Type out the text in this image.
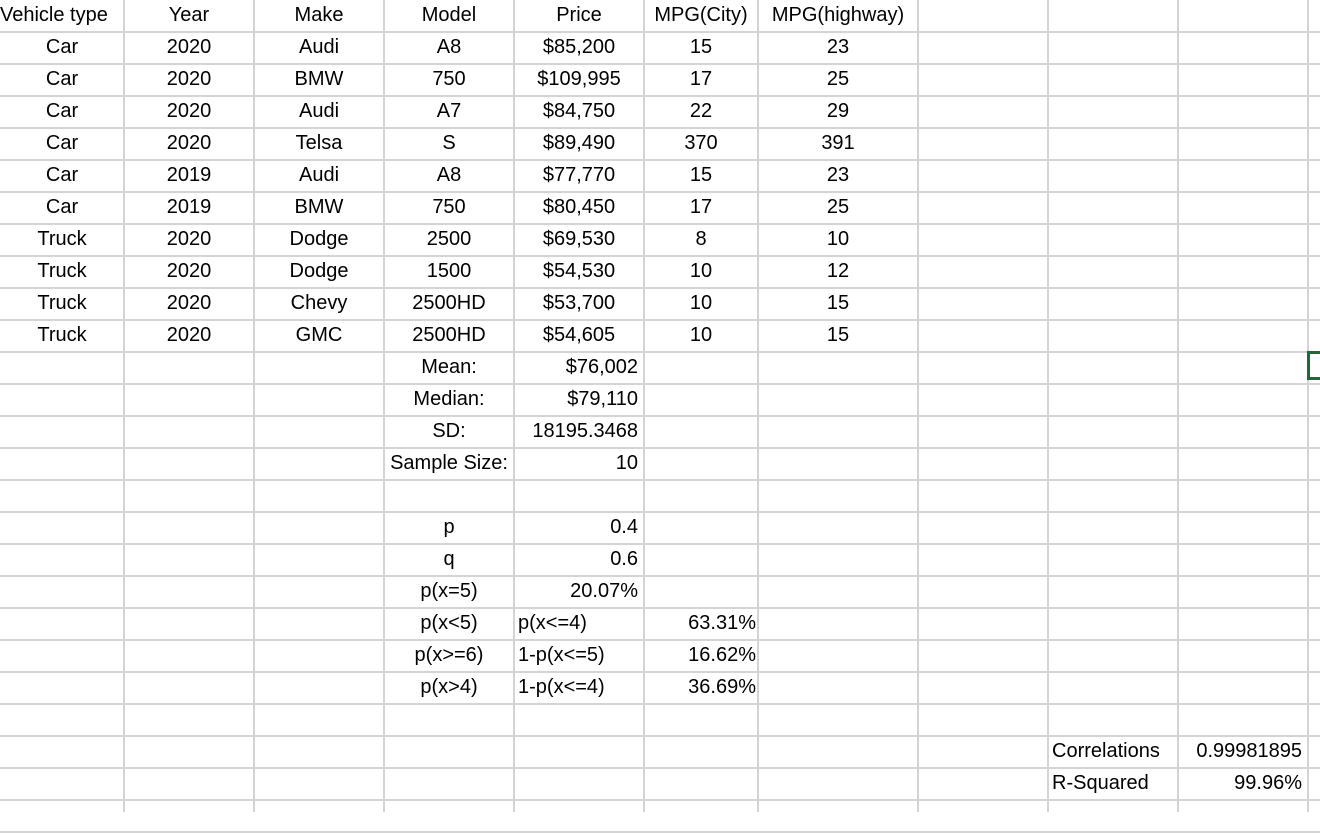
Vehicle type	Year	Make	Model	Price	MPG(City)	MPG(highway)
Car	2020	Audi	A8	$85,200	15	23
Car	2020	BMW	750	$109,995	17	25
Car	2020	Audi	A7	$84,750	22	29
Car	2020	Telsa	S	$89,490	370	391
Car	2019	Audi	A8	$77,770	15	23
Car	2019	BMW	750	$80,450	17	25
Truck	2020	Dodge	2500	$69,530	8	10
Truck	2020	Dodge	1500	$54,530	10	12
Truck	2020	Chevy	2500HD	$53,700	10	15
Truck	2020	GMC	2500HD	$54,605	10	15
Mean:	$76,002
Median:	$79,110
SD:	18195.3468
Sample Size:	10
p	0.4
q	0.6
p(x=5)	20.07%
p(x<5)	p(x<=4)	63.31%
p(x>=6)	1-p(x<=5)	16.62%
p(x>4)	1-p(x<=4)	36.69%
Correlations	0.99981895
R-Squared	99.96%
